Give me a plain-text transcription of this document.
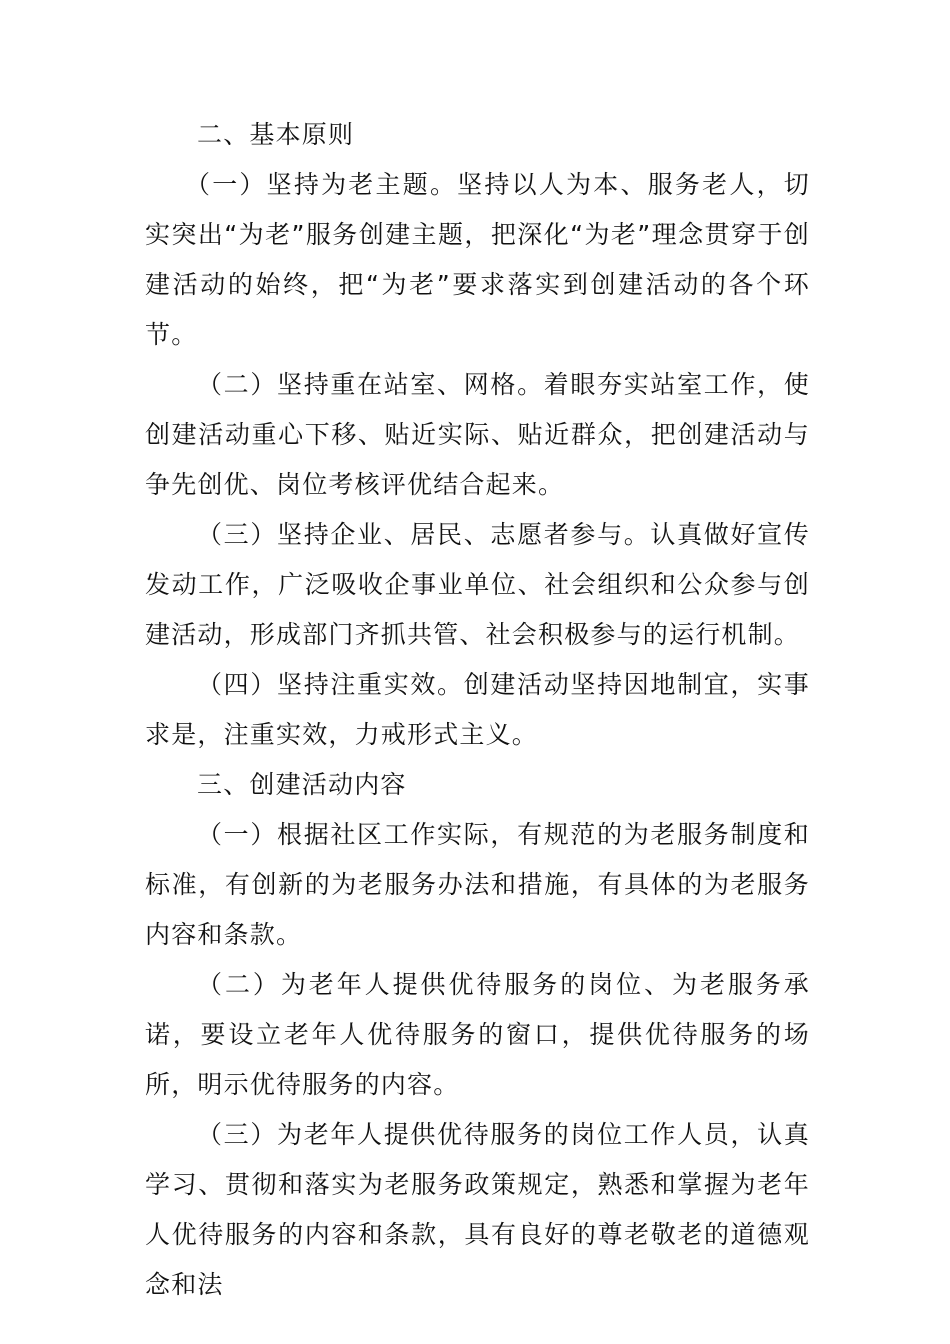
二、基本原则

（一）坚持为老主题。坚持以人为本、服务老人，切实突出“为老”服务创建主题，把深化“为老”理念贯穿于创建活动的始终，把“为老”要求落实到创建活动的各个环节。

（二）坚持重在站室、网格。着眼夯实站室工作，使创建活动重心下移、贴近实际、贴近群众，把创建活动与争先创优、岗位考核评优结合起来。

（三）坚持企业、居民、志愿者参与。认真做好宣传发动工作，广泛吸收企事业单位、社会组织和公众参与创建活动，形成部门齐抓共管、社会积极参与的运行机制。

（四）坚持注重实效。创建活动坚持因地制宜，实事求是，注重实效，力戒形式主义。

三、创建活动内容

（一）根据社区工作实际，有规范的为老服务制度和标准，有创新的为老服务办法和措施，有具体的为老服务内容和条款。

（二）为老年人提供优待服务的岗位、为老服务承诺，要设立老年人优待服务的窗口，提供优待服务的场所，明示优待服务的内容。

（三）为老年人提供优待服务的岗位工作人员，认真学习、贯彻和落实为老服务政策规定，熟悉和掌握为老年人优待服务的内容和条款，具有良好的尊老敬老的道德观念和法
